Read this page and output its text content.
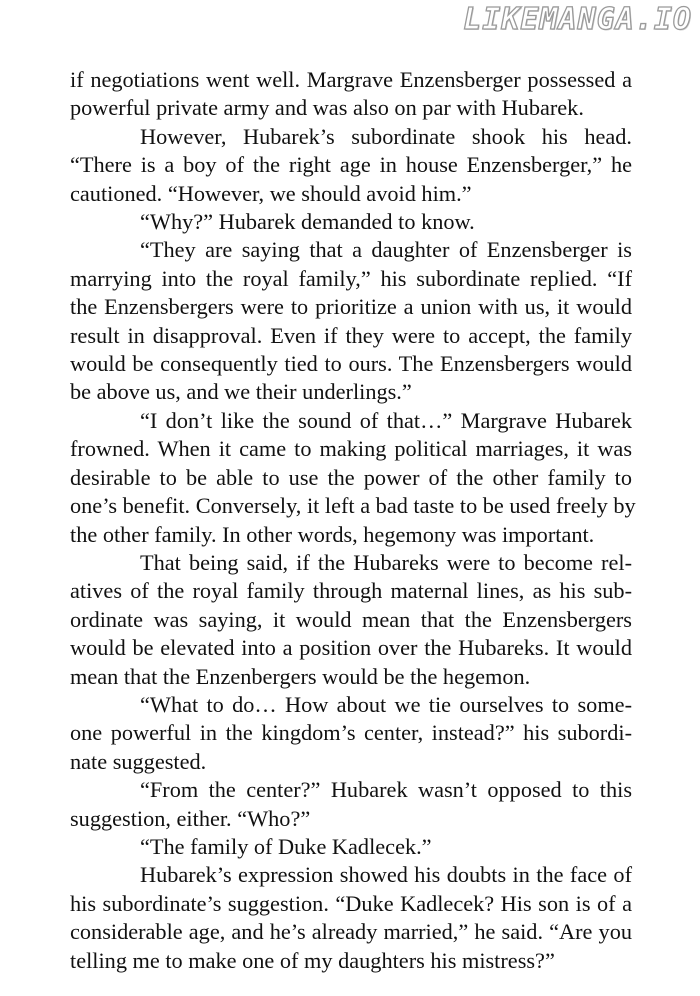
LIKEMANGA.IO
if negotiations went well. Margrave Enzensberger possessed a
powerful private army and was also on par with Hubarek.
However, Hubarek’s subordinate shook his head.
“There is a boy of the right age in house Enzensberger,” he
cautioned. “However, we should avoid him.”
“Why?” Hubarek demanded to know.
“They are saying that a daughter of Enzensberger is
marrying into the royal family,” his subordinate replied. “If
the Enzensbergers were to prioritize a union with us, it would
result in disapproval. Even if they were to accept, the family
would be consequently tied to ours. The Enzensbergers would
be above us, and we their underlings.”
“I don’t like the sound of that…” Margrave Hubarek
frowned. When it came to making political marriages, it was
desirable to be able to use the power of the other family to
one’s benefit. Conversely, it left a bad taste to be used freely by
the other family. In other words, hegemony was important.
That being said, if the Hubareks were to become rel-
atives of the royal family through maternal lines, as his sub-
ordinate was saying, it would mean that the Enzensbergers
would be elevated into a position over the Hubareks. It would
mean that the Enzenbergers would be the hegemon.
“What to do… How about we tie ourselves to some-
one powerful in the kingdom’s center, instead?” his subordi-
nate suggested.
“From the center?” Hubarek wasn’t opposed to this
suggestion, either. “Who?”
“The family of Duke Kadlecek.”
Hubarek’s expression showed his doubts in the face of
his subordinate’s suggestion. “Duke Kadlecek? His son is of a
considerable age, and he’s already married,” he said. “Are you
telling me to make one of my daughters his mistress?”
